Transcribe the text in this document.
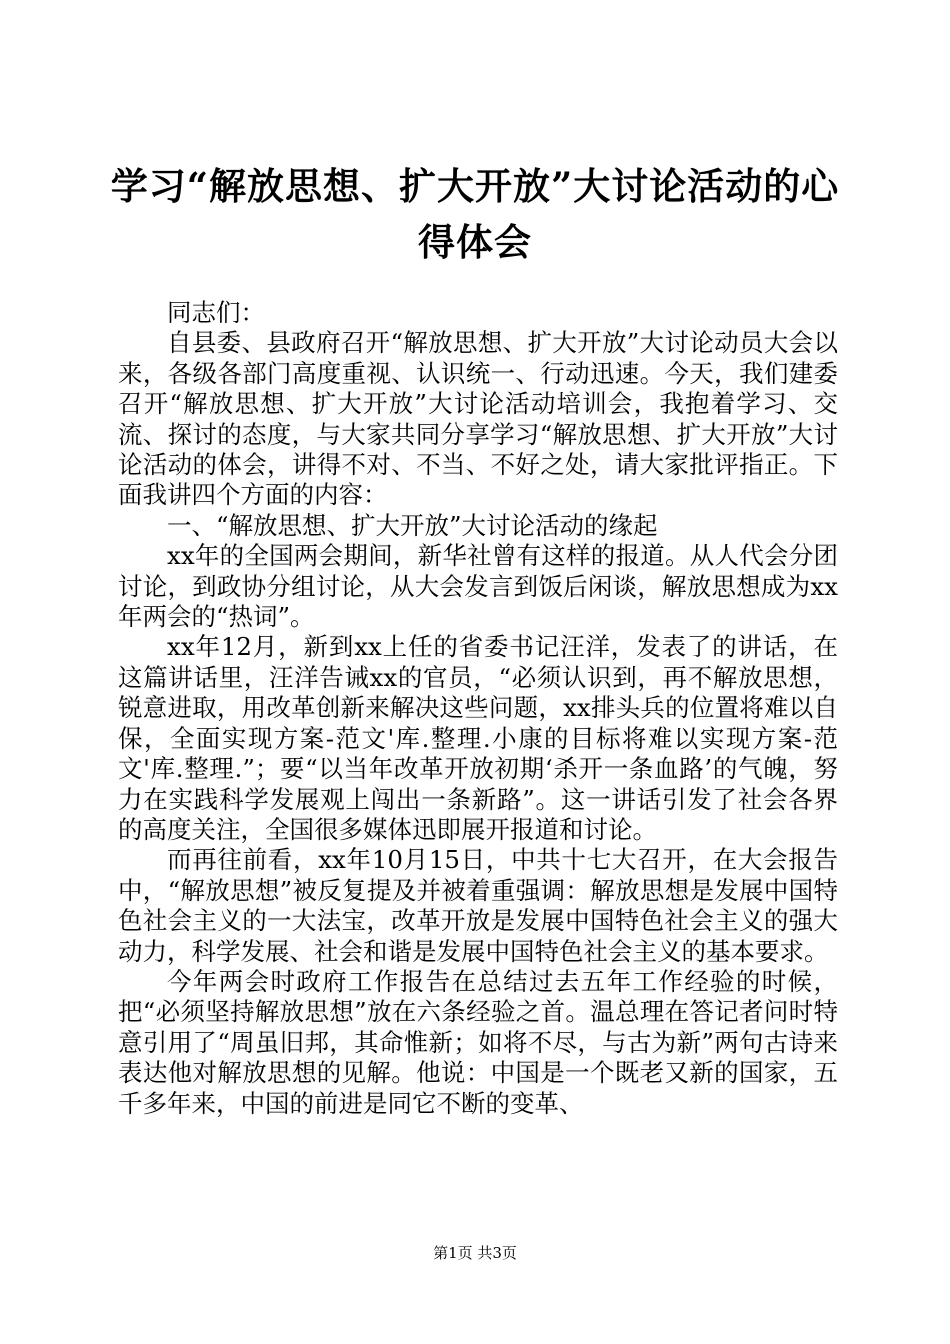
学习“解放思想、扩大开放”大讨论活动的心
得体会

同志们：

自县委、县政府召开“解放思想、扩大开放”大讨论动员大会以来，各级各部门高度重视、认识统一、行动迅速。今天，我们建委召开“解放思想、扩大开放”大讨论活动培训会，我抱着学习、交流、探讨的态度，与大家共同分享学习“解放思想、扩大开放”大讨论活动的体会，讲得不对、不当、不好之处，请大家批评指正。下面我讲四个方面的内容：

一、“解放思想、扩大开放”大讨论活动的缘起

xx年的全国两会期间，新华社曾有这样的报道。从人代会分团讨论，到政协分组讨论，从大会发言到饭后闲谈，解放思想成为xx年两会的“热词”。

xx年12月，新到xx上任的省委书记汪洋，发表了的讲话，在这篇讲话里，汪洋告诫xx的官员，“必须认识到，再不解放思想，锐意进取，用改革创新来解决这些问题，xx排头兵的位置将难以自保，全面实现方案-范文'库.整理.小康的目标将难以实现方案-范文'库.整理.”；要“以当年改革开放初期‘杀开一条血路’的气魄，努力在实践科学发展观上闯出一条新路”。这一讲话引发了社会各界的高度关注，全国很多媒体迅即展开报道和讨论。

而再往前看，xx年10月15日，中共十七大召开，在大会报告中，“解放思想”被反复提及并被着重强调：解放思想是发展中国特色社会主义的一大法宝，改革开放是发展中国特色社会主义的强大动力，科学发展、社会和谐是发展中国特色社会主义的基本要求。

今年两会时政府工作报告在总结过去五年工作经验的时候，把“必须坚持解放思想”放在六条经验之首。温总理在答记者问时特意引用了“周虽旧邦，其命惟新；如将不尽，与古为新”两句古诗来表达他对解放思想的见解。他说：中国是一个既老又新的国家，五千多年来，中国的前进是同它不断的变革、

第1页 共3页
